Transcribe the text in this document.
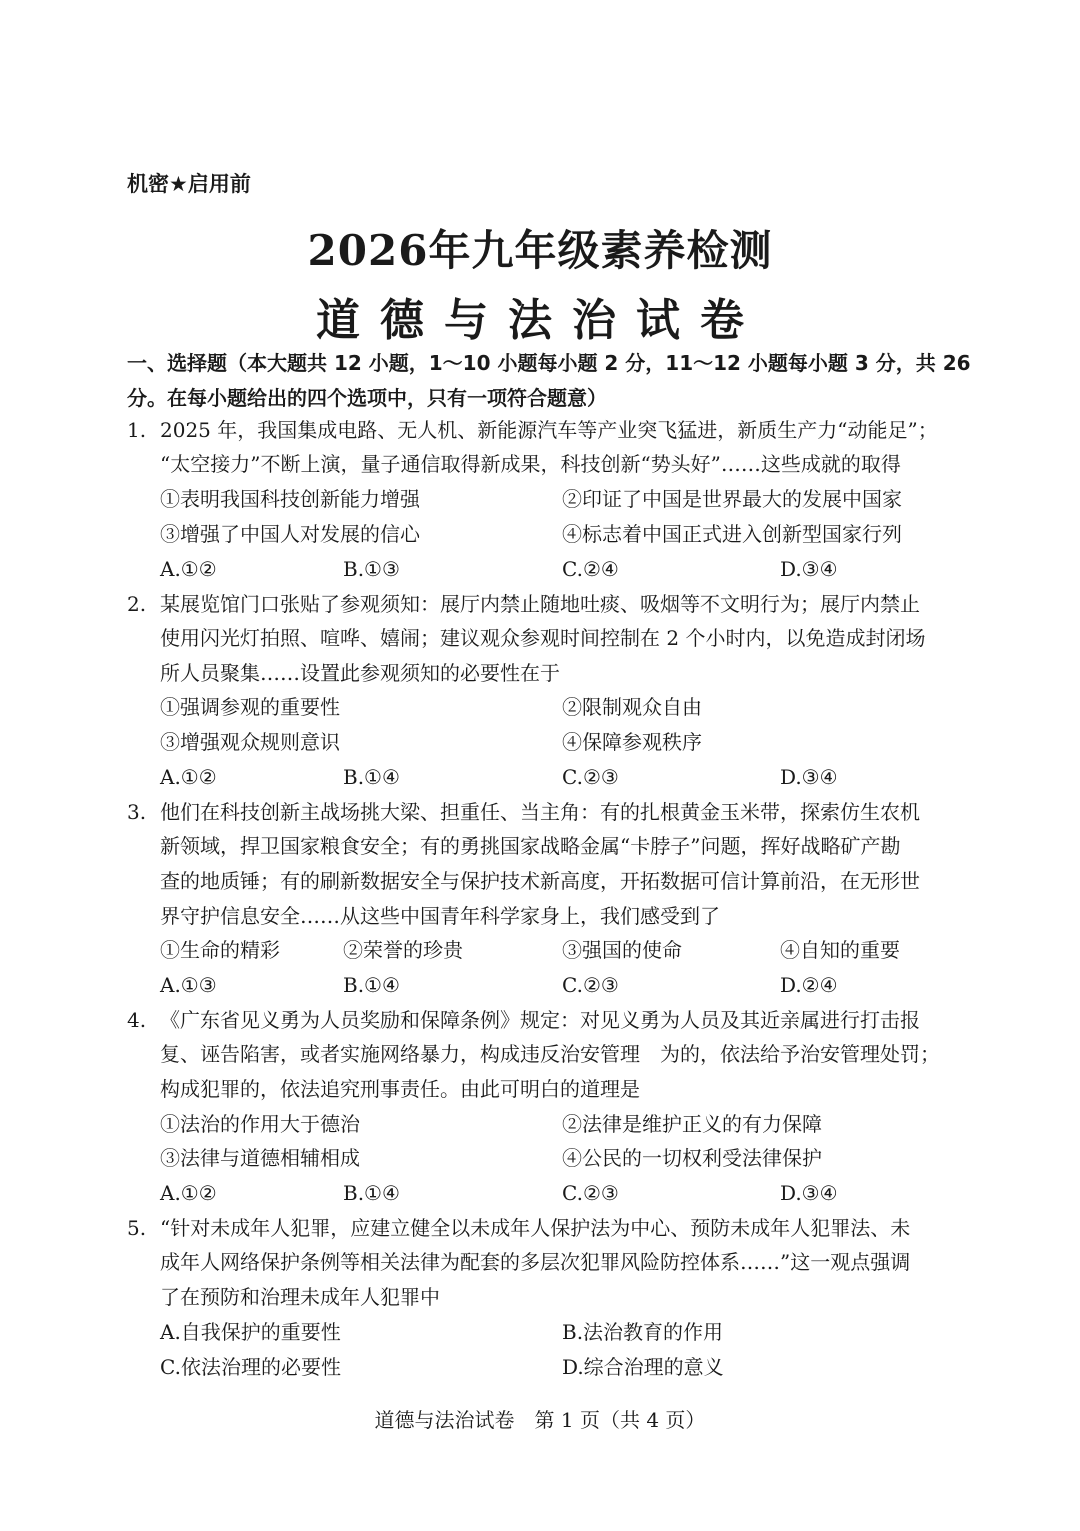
机密★启用前
2026年九年级素养检测
道德与法治试卷
一、选择题（本大题共 12 小题，1～10 小题每小题 2 分，11～12 小题每小题 3 分，共 26
分。在每小题给出的四个选项中，只有一项符合题意）
1. 2025 年，我国集成电路、无人机、新能源汽车等产业突飞猛进，新质生产力“动能足”；
“太空接力”不断上演，量子通信取得新成果，科技创新“势头好”……这些成就的取得
①表明我国科技创新能力增强	②印证了中国是世界最大的发展中国家
③增强了中国人对发展的信心	④标志着中国正式进入创新型国家行列
A.①②	B.①③	C.②④	D.③④
2. 某展览馆门口张贴了参观须知：展厅内禁止随地吐痰、吸烟等不文明行为；展厅内禁止
使用闪光灯拍照、喧哗、嬉闹；建议观众参观时间控制在 2 个小时内，以免造成封闭场
所人员聚集……设置此参观须知的必要性在于
①强调参观的重要性	②限制观众自由
③增强观众规则意识	④保障参观秩序
A.①②	B.①④	C.②③	D.③④
3. 他们在科技创新主战场挑大梁、担重任、当主角：有的扎根黄金玉米带，探索仿生农机
新领域，捍卫国家粮食安全；有的勇挑国家战略金属“卡脖子”问题，挥好战略矿产勘
查的地质锤；有的刷新数据安全与保护技术新高度，开拓数据可信计算前沿，在无形世
界守护信息安全……从这些中国青年科学家身上，我们感受到了
①生命的精彩	②荣誉的珍贵	③强国的使命	④自知的重要
A.①③	B.①④	C.②③	D.②④
4. 《广东省见义勇为人员奖励和保障条例》规定：对见义勇为人员及其近亲属进行打击报
复、诬告陷害，或者实施网络暴力，构成违反治安管理　为的，依法给予治安管理处罚；
构成犯罪的，依法追究刑事责任。由此可明白的道理是
①法治的作用大于德治	②法律是维护正义的有力保障
③法律与道德相辅相成	④公民的一切权利受法律保护
A.①②	B.①④	C.②③	D.③④
5. “针对未成年人犯罪，应建立健全以未成年人保护法为中心、预防未成年人犯罪法、未
成年人网络保护条例等相关法律为配套的多层次犯罪风险防控体系……”这一观点强调
了在预防和治理未成年人犯罪中
A.自我保护的重要性	B.法治教育的作用
C.依法治理的必要性	D.综合治理的意义
道德与法治试卷　第 1 页（共 4 页）
